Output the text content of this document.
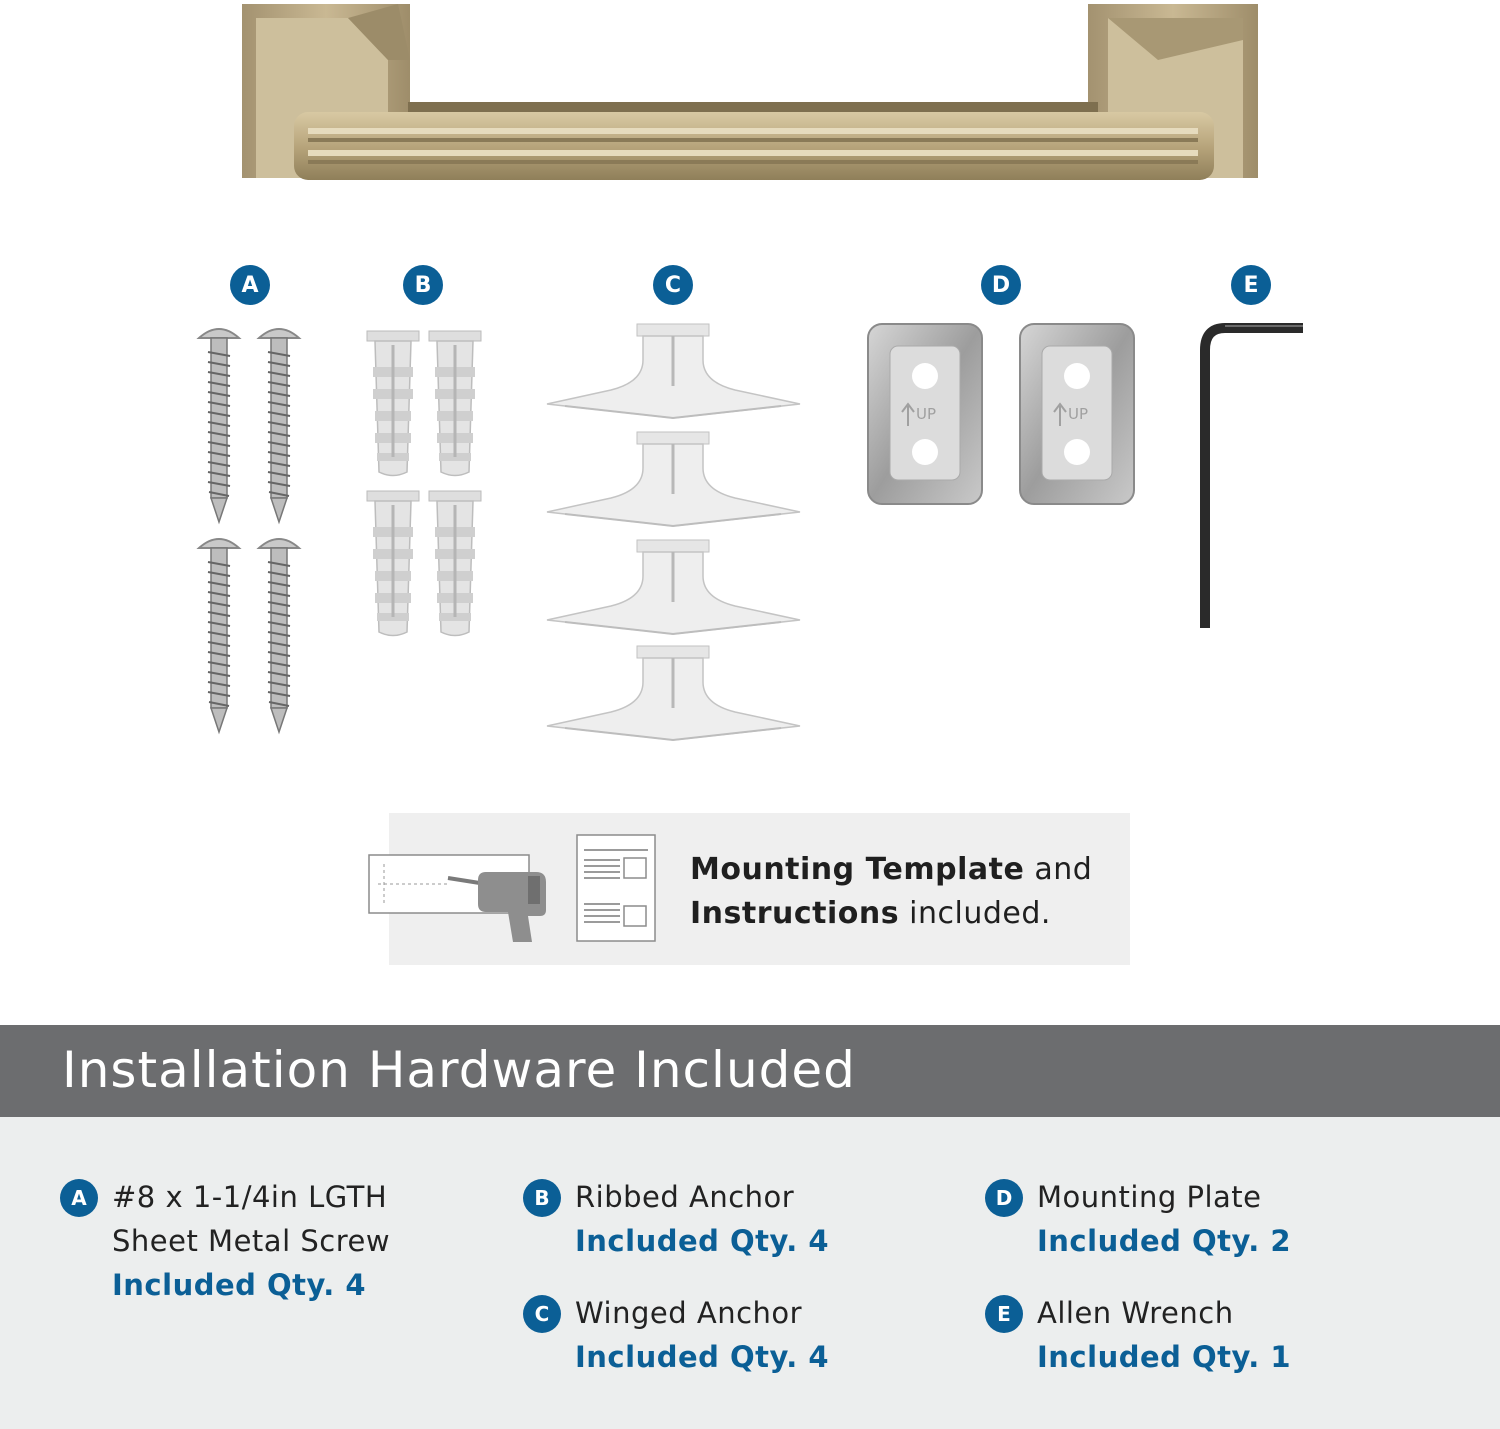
A	B	C	D	E
UP	UP
Mounting Template and
Instructions included.
Installation Hardware Included
A #8 x 1-1/4in LGTH
Sheet Metal Screw
Included Qty. 4
B Ribbed Anchor
Included Qty. 4
C Winged Anchor
Included Qty. 4
D Mounting Plate
Included Qty. 2
E Allen Wrench
Included Qty. 1
